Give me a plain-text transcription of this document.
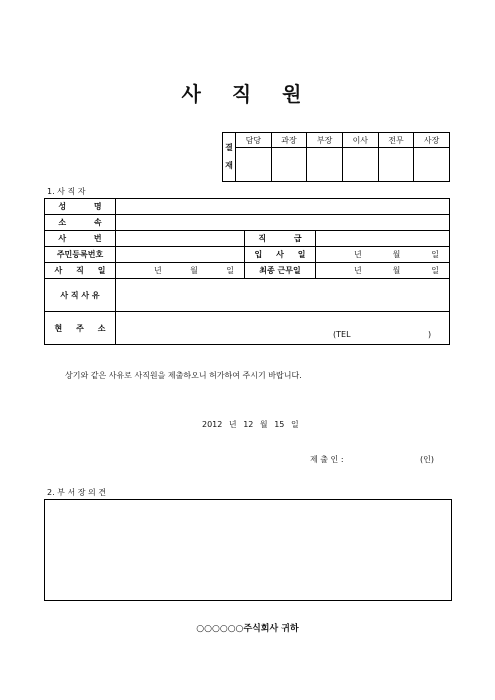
사 직 원
결
재	담당	과장	부장	이사	전무	사장

1. 사 직 자
성          명			
소          속			
사          번		직          급	
주민등록번호		입     사     일	년 월 일

사     직     일	년 월 일	최종 근무일	년 월 일

사 직 사 유			
현     주     소	(TEL )		
상기와 같은 사유로 사직원을 제출하오니 허가하여 주시기 바랍니다.
2012 년 12 월 15 일
제 출 인 :	(인)
2. 부 서 장 의 견
○○○○○○주식회사 귀하
